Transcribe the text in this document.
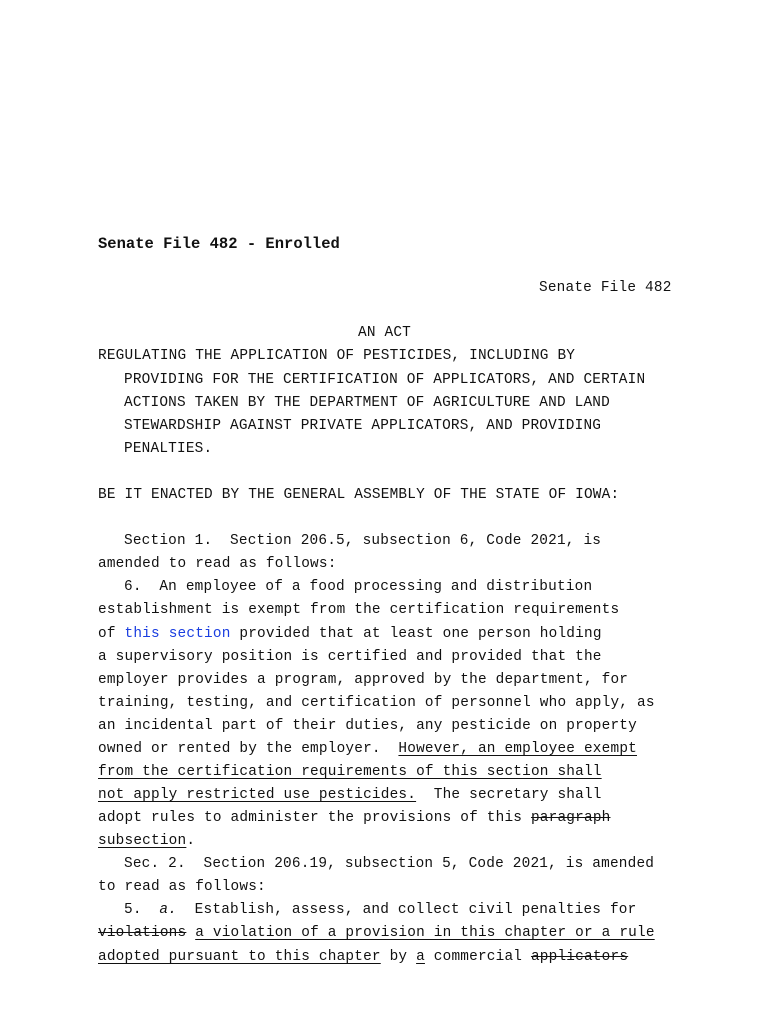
Senate File 482 - Enrolled
Senate File 482
AN ACT
REGULATING THE APPLICATION OF PESTICIDES, INCLUDING BY
PROVIDING FOR THE CERTIFICATION OF APPLICATORS, AND CERTAIN
ACTIONS TAKEN BY THE DEPARTMENT OF AGRICULTURE AND LAND
STEWARDSHIP AGAINST PRIVATE APPLICATORS, AND PROVIDING
PENALTIES.
BE IT ENACTED BY THE GENERAL ASSEMBLY OF THE STATE OF IOWA:
Section 1.  Section 206.5, subsection 6, Code 2021, is
amended to read as follows:
6.  An employee of a food processing and distribution
establishment is exempt from the certification requirements
of this section provided that at least one person holding
a supervisory position is certified and provided that the
employer provides a program, approved by the department, for
training, testing, and certification of personnel who apply, as
an incidental part of their duties, any pesticide on property
owned or rented by the employer.  However, an employee exempt
from the certification requirements of this section shall
not apply restricted use pesticides.  The secretary shall
adopt rules to administer the provisions of this paragraph
subsection.
Sec. 2.  Section 206.19, subsection 5, Code 2021, is amended
to read as follows:
5.  a.  Establish, assess, and collect civil penalties for
violations a violation of a provision in this chapter or a rule
adopted pursuant to this chapter by a commercial applicators
